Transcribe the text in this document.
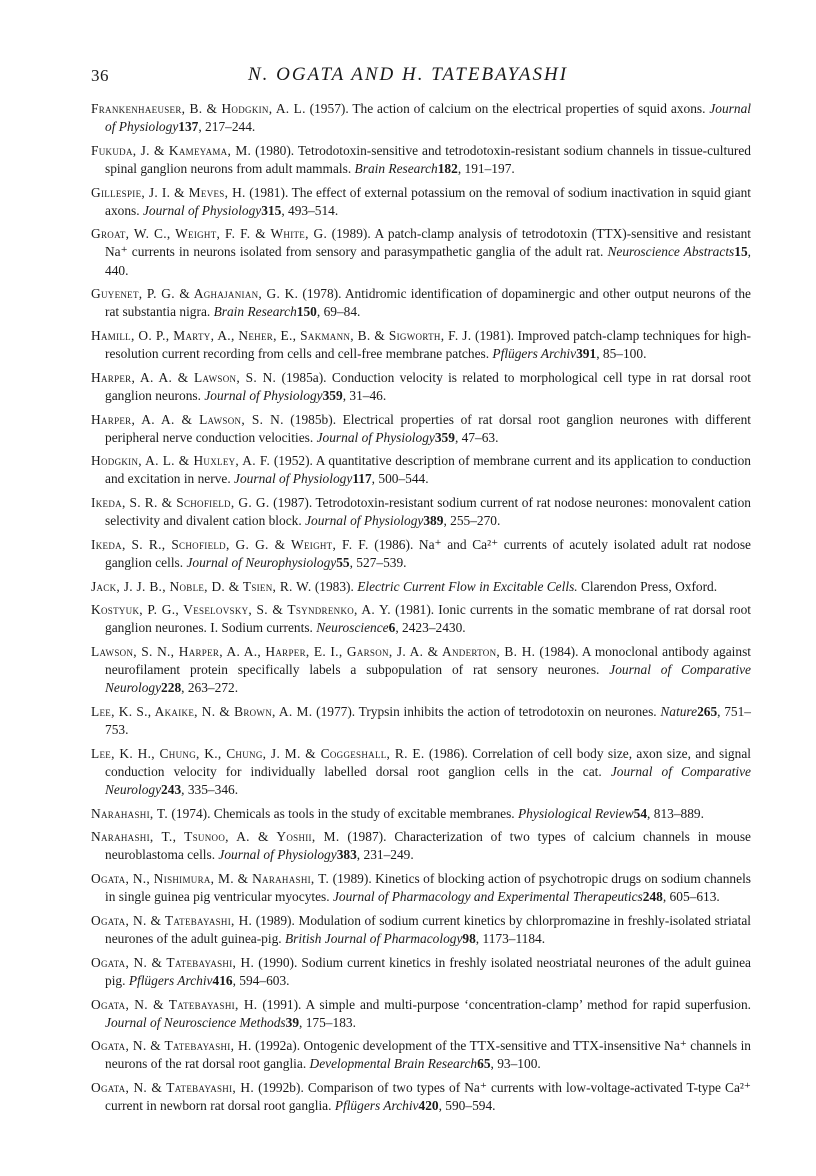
36	N. OGATA AND H. TATEBAYASHI
Frankenhaeuser, B. & Hodgkin, A. L. (1957). The action of calcium on the electrical properties of squid axons. Journal of Physiology137, 217–244.
Fukuda, J. & Kameyama, M. (1980). Tetrodotoxin-sensitive and tetrodotoxin-resistant sodium channels in tissue-cultured spinal ganglion neurons from adult mammals. Brain Research182, 191–197.
Gillespie, J. I. & Meves, H. (1981). The effect of external potassium on the removal of sodium inactivation in squid giant axons. Journal of Physiology315, 493–514.
Groat, W. C., Weight, F. F. & White, G. (1989). A patch-clamp analysis of tetrodotoxin (TTX)-sensitive and resistant Na⁺ currents in neurons isolated from sensory and parasympathetic ganglia of the adult rat. Neuroscience Abstracts15, 440.
Guyenet, P. G. & Aghajanian, G. K. (1978). Antidromic identification of dopaminergic and other output neurons of the rat substantia nigra. Brain Research150, 69–84.
Hamill, O. P., Marty, A., Neher, E., Sakmann, B. & Sigworth, F. J. (1981). Improved patch-clamp techniques for high-resolution current recording from cells and cell-free membrane patches. Pflügers Archiv391, 85–100.
Harper, A. A. & Lawson, S. N. (1985a). Conduction velocity is related to morphological cell type in rat dorsal root ganglion neurons. Journal of Physiology359, 31–46.
Harper, A. A. & Lawson, S. N. (1985b). Electrical properties of rat dorsal root ganglion neurones with different peripheral nerve conduction velocities. Journal of Physiology359, 47–63.
Hodgkin, A. L. & Huxley, A. F. (1952). A quantitative description of membrane current and its application to conduction and excitation in nerve. Journal of Physiology117, 500–544.
Ikeda, S. R. & Schofield, G. G. (1987). Tetrodotoxin-resistant sodium current of rat nodose neurones: monovalent cation selectivity and divalent cation block. Journal of Physiology389, 255–270.
Ikeda, S. R., Schofield, G. G. & Weight, F. F. (1986). Na⁺ and Ca²⁺ currents of acutely isolated adult rat nodose ganglion cells. Journal of Neurophysiology55, 527–539.
Jack, J. J. B., Noble, D. & Tsien, R. W. (1983). Electric Current Flow in Excitable Cells. Clarendon Press, Oxford.
Kostyuk, P. G., Veselovsky, S. & Tsyndrenko, A. Y. (1981). Ionic currents in the somatic membrane of rat dorsal root ganglion neurones. I. Sodium currents. Neuroscience6, 2423–2430.
Lawson, S. N., Harper, A. A., Harper, E. I., Garson, J. A. & Anderton, B. H. (1984). A monoclonal antibody against neurofilament protein specifically labels a subpopulation of rat sensory neurones. Journal of Comparative Neurology228, 263–272.
Lee, K. S., Akaike, N. & Brown, A. M. (1977). Trypsin inhibits the action of tetrodotoxin on neurones. Nature265, 751–753.
Lee, K. H., Chung, K., Chung, J. M. & Coggeshall, R. E. (1986). Correlation of cell body size, axon size, and signal conduction velocity for individually labelled dorsal root ganglion cells in the cat. Journal of Comparative Neurology243, 335–346.
Narahashi, T. (1974). Chemicals as tools in the study of excitable membranes. Physiological Review54, 813–889.
Narahashi, T., Tsunoo, A. & Yoshii, M. (1987). Characterization of two types of calcium channels in mouse neuroblastoma cells. Journal of Physiology383, 231–249.
Ogata, N., Nishimura, M. & Narahashi, T. (1989). Kinetics of blocking action of psychotropic drugs on sodium channels in single guinea pig ventricular myocytes. Journal of Pharmacology and Experimental Therapeutics248, 605–613.
Ogata, N. & Tatebayashi, H. (1989). Modulation of sodium current kinetics by chlorpromazine in freshly-isolated striatal neurones of the adult guinea-pig. British Journal of Pharmacology98, 1173–1184.
Ogata, N. & Tatebayashi, H. (1990). Sodium current kinetics in freshly isolated neostriatal neurones of the adult guinea pig. Pflügers Archiv416, 594–603.
Ogata, N. & Tatebayashi, H. (1991). A simple and multi-purpose ‘concentration-clamp’ method for rapid superfusion. Journal of Neuroscience Methods39, 175–183.
Ogata, N. & Tatebayashi, H. (1992a). Ontogenic development of the TTX-sensitive and TTX-insensitive Na⁺ channels in neurons of the rat dorsal root ganglia. Developmental Brain Research65, 93–100.
Ogata, N. & Tatebayashi, H. (1992b). Comparison of two types of Na⁺ currents with low-voltage-activated T-type Ca²⁺ current in newborn rat dorsal root ganglia. Pflügers Archiv420, 590–594.
